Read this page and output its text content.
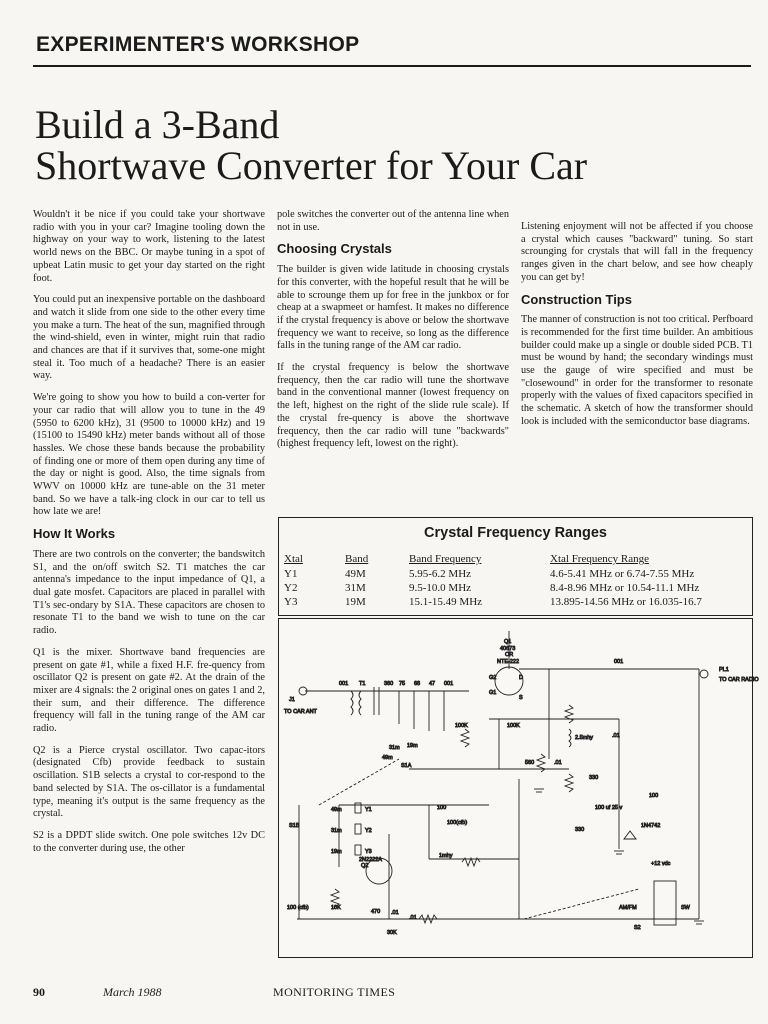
EXPERIMENTER'S WORKSHOP
Build a 3-Band
Shortwave Converter for Your Car

Wouldn't it be nice if you could take your shortwave radio with you in your car? Imagine tooling down the highway on your way to work, listening to the latest world news on the BBC. Or maybe tuning in a spot of upbeat Latin music to get your day started on the right foot.

You could put an inexpensive portable on the dashboard and watch it slide from one side to the other every time you make a turn. The heat of the sun, magnified through the wind-shield, even in winter, might ruin that radio and chances are that if it survives that, some-one might steal it. Too much of a headache? There is an easier way.

We're going to show you how to build a con-verter for your car radio that will allow you to tune in the 49 (5950 to 6200 kHz), 31 (9500 to 10000 kHz) and 19 (15100 to 15490 kHz) meter bands without all of those hassles. We chose these bands because the probability of finding one or more of them open during any time of the day or night is good. Also, the time signals from WWV on 10000 kHz are tune-able on the 31 meter band. So we have a talk-ing clock in our car to tell us how late we are!

How It Works

There are two controls on the converter; the bandswitch S1, and the on/off switch S2. T1 matches the car antenna's impedance to the input impedance of Q1, a dual gate mosfet. Capacitors are placed in parallel with T1's sec-ondary by S1A. These capacitors are chosen to resonate T1 to the band we wish to tune on the car radio.

Q1 is the mixer. Shortwave band frequencies are present on gate #1, while a fixed H.F. fre-quency from oscillator Q2 is present on gate #2. At the drain of the mixer are 4 signals: the 2 original ones on gates 1 and 2, their sum, and their difference. The difference frequency will fall in the tuning range of the AM car radio.

Q2 is a Pierce crystal oscillator. Two capac-itors (designated Cfb) provide feedback to sustain oscillation. S1B selects a crystal to cor-respond to the band selected by S1A. The os-cillator is a fundamental type, meaning it's output is the same frequency as the crystal.

S2 is a DPDT slide switch. One pole switches 12v DC to the converter during use, the other

pole switches the converter out of the antenna line when not in use.

Choosing Crystals

The builder is given wide latitude in choosing crystals for this converter, with the hopeful result that he will be able to scrounge them up for free in the junkbox or for cheap at a swapmeet or hamfest. It makes no difference if the crystal frequency is above or below the shortwave frequency we want to receive, so long as the difference falls in the tuning range of the AM car radio.

If the crystal frequency is below the shortwave frequency, then the car radio will tune the shortwave band in the conventional manner (lowest frequency on the left, highest on the right of the slide rule scale). If the crystal fre-quency is above the shortwave frequency, then the car radio will tune "backwards" (highest frequency left, lowest on the right).

Listening enjoyment will not be affected if you choose a crystal which causes "backward" tuning. So start scrounging for crystals that will fall in the frequency ranges given in the chart below, and see how cheaply you can get by!

Construction Tips

The manner of construction is not too critical. Perfboard is recommended for the first time builder. An ambitious builder could make up a single or double sided PCB. T1 must be wound by hand; the secondary windings must use the gauge of wire specified and must be "closewound" in order for the transformer to resonate properly with the values of fixed capacitors specified in the schematic. A sketch of how the transformer should look is included with the semiconductor base diagrams.

Crystal Frequency Ranges
Xtal	Band	Band Frequency	Xtal Frequency Range
Y1	49M	5.95-6.2 MHz	4.6-5.41 MHz or 6.74-7.55 MHz
Y2	31M	9.5-10.0 MHz	8.4-8.96 MHz or 10.54-11.1 MHz
Y3	19M	15.1-15.49 MHz	13.895-14.56 MHz or 16.035-16.7
Q1
40673
OR
NTE-222
G2	D
G1
S
J1
TO CAR ANT
PL1
TO CAR RADIO
T1
001	001
001
360 75 68 47
100K	100K
2.5mhy
560	.01
.01
.01
.01
31m 19m
49m
S1A
S1B
Y1
Y2
Y3
49m
31m
19m
100
100(cfb)
100
100 (cfb)
1mhy
Q2
2N2222A
10K
470
30K
330
330
100 uf 25 v
1N4742
+12 vdc
AM/FM	SW
S2
90	March 1988	MONITORING TIMES
